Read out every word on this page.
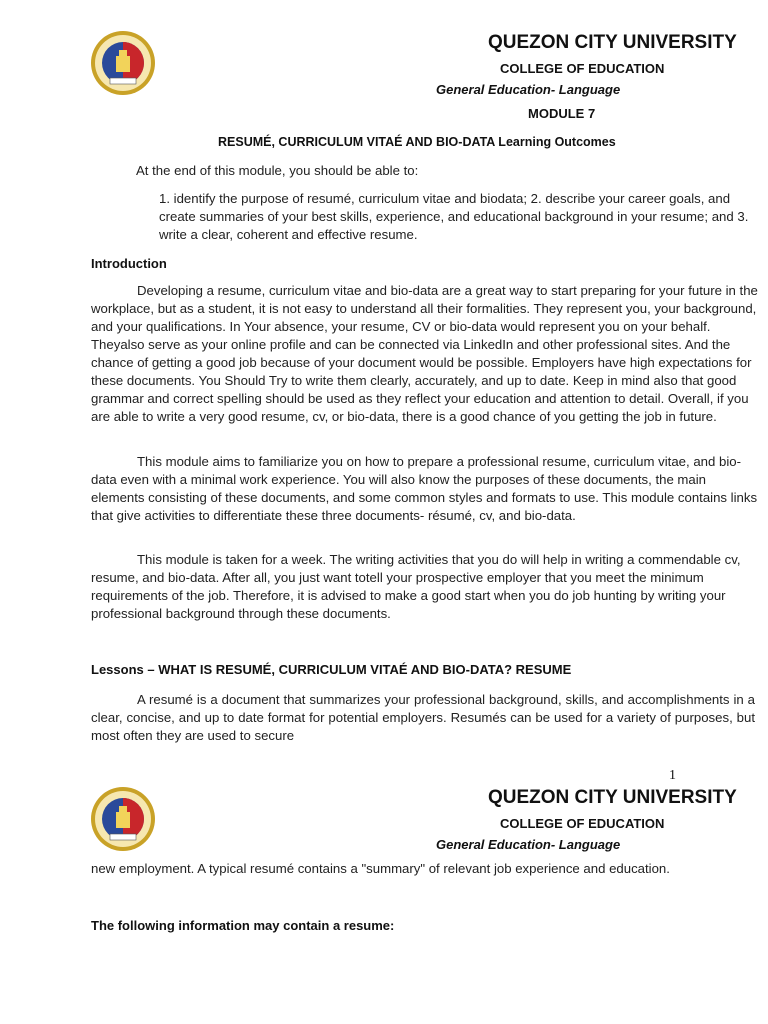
QUEZON CITY UNIVERSITY
COLLEGE OF EDUCATION
General Education- Language
MODULE 7
RESUMÉ, CURRICULUM VITAÉ AND BIO-DATA Learning Outcomes

At the end of this module, you should be able to:

1. identify the purpose of resumé, curriculum vitae and biodata; 2. describe your career goals, and create summaries of your best skills, experience, and educational background in your resume; and 3. write a clear, coherent and effective resume.

Introduction

Developing a resume, curriculum vitae and bio-data are a great way to start preparing for your future in the workplace, but as a student, it is not easy to understand all their formalities. They represent you, your background, and your qualifications. In Your absence, your resume, CV or bio-data would represent you on your behalf. Theyalso serve as your online profile and can be connected via LinkedIn and other professional sites. And the chance of getting a good job because of your document would be possible. Employers have high expectations for these documents. You Should Try to write them clearly, accurately, and up to date. Keep in mind also that good grammar and correct spelling should be used as they reflect your education and attention to detail. Overall, if you are able to write a very good resume, cv, or bio-data, there is a good chance of you getting the job in future.

This module aims to familiarize you on how to prepare a professional resume, curriculum vitae, and bio-data even with a minimal work experience. You will also know the purposes of these documents, the main elements consisting of these documents, and some common styles and formats to use. This module contains links that give activities to differentiate these three documents- résumé, cv, and bio-data.

This module is taken for a week. The writing activities that you do will help in writing a commendable cv, resume, and bio-data. After all, you just want totell your prospective employer that you meet the minimum requirements of the job. Therefore, it is advised to make a good start when you do job hunting by writing your professional background through these documents.

Lessons – WHAT IS RESUMÉ, CURRICULUM VITAÉ AND BIO-DATA? RESUME

A resumé is a document that summarizes your professional background, skills, and accomplishments in a clear, concise, and up to date format for potential employers. Resumés can be used for a variety of purposes, but most often they are used to secure

1
QUEZON CITY UNIVERSITY
COLLEGE OF EDUCATION
General Education- Language

new employment. A typical resumé contains a "summary" of relevant job experience and education.

The following information may contain a resume:
